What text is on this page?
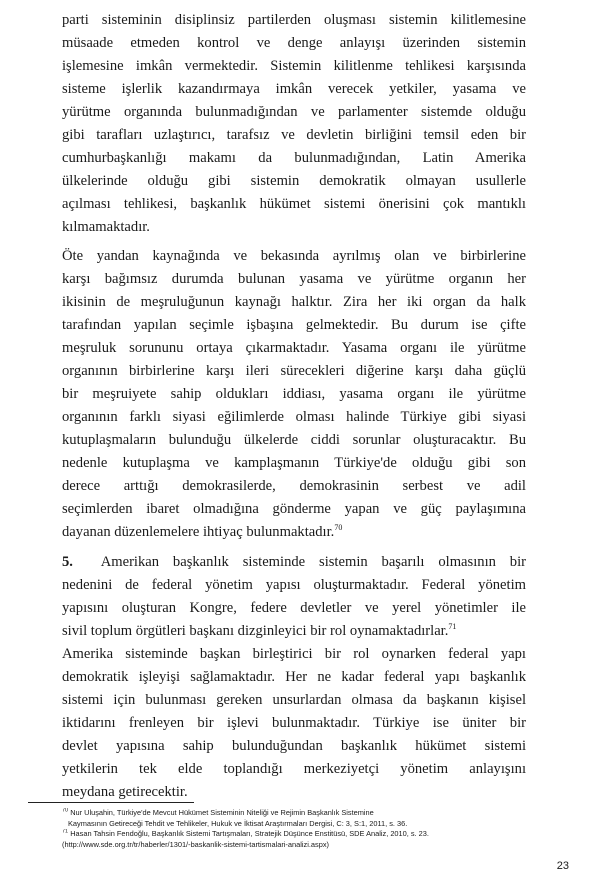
parti sisteminin disiplinsiz partilerden oluşması sistemin kilitlemesine
müsaade etmeden kontrol ve denge anlayışı üzerinden sistemin
işlemesine imkân vermektedir. Sistemin kilitlenme tehlikesi karşısında
sisteme işlerlik kazandırmaya imkân verecek yetkiler, yasama ve
yürütme organında bulunmadığından ve parlamenter sistemde olduğu
gibi tarafları uzlaştırıcı, tarafsız ve devletin birliğini temsil eden bir
cumhurbaşkanlığı makamı da bulunmadığından, Latin Amerika
ülkelerinde olduğu gibi sistemin demokratik olmayan usullerle
açılması tehlikesi, başkanlık hükümet sistemi önerisini çok mantıklı
kılmamaktadır.
Öte yandan kaynağında ve bekasında ayrılmış olan ve birbirlerine
karşı bağımsız durumda bulunan yasama ve yürütme organın her
ikisinin de meşruluğunun kaynağı halktır. Zira her iki organ da halk
tarafından yapılan seçimle işbaşına gelmektedir. Bu durum ise çifte
meşruluk sorununu ortaya çıkarmaktadır. Yasama organı ile yürütme
organının birbirlerine karşı ileri sürecekleri diğerine karşı daha güçlü
bir meşruiyete sahip oldukları iddiası, yasama organı ile yürütme
organının farklı siyasi eğilimlerde olması halinde Türkiye gibi siyasi
kutuplaşmaların bulunduğu ülkelerde ciddi sorunlar oluşturacaktır. Bu
nedenle kutuplaşma ve kamplaşmanın Türkiye'de olduğu gibi son
derece arttığı demokrasilerde, demokrasinin serbest ve adil
seçimlerden ibaret olmadığına gönderme yapan ve güç paylaşımına
dayanan düzenlemelere ihtiyaç bulunmaktadır.$^{70}$
5. Amerikan başkanlık sisteminde sistemin başarılı olmasının bir
nedenini de federal yönetim yapısı oluşturmaktadır. Federal yönetim
yapısını oluşturan Kongre, federe devletler ve yerel yönetimler ile
sivil toplum örgütleri başkanı dizginleyici bir rol oynamaktadırlar.$^{71}$
Amerika sisteminde başkan birleştirici bir rol oynarken federal yapı
demokratik işleyişi sağlamaktadır. Her ne kadar federal yapı başkanlık
sistemi için bulunması gereken unsurlardan olmasa da başkanın kişisel
iktidarını frenleyen bir işlevi bulunmaktadır. Türkiye ise üniter bir
devlet yapısına sahip bulunduğundan başkanlık hükümet sistemi
yetkilerin tek elde toplandığı merkeziyetçi yönetim anlayışını
meydana getirecektir.
$^{70}$ Nur Uluşahin, Türkiye'de Mevcut Hükümet Sisteminin Niteliği ve Rejimin Başkanlık Sistemine
Kaymasının Getireceği Tehdit ve Tehlikeler, Hukuk ve İktisat Araştırmaları Dergisi, C: 3, S:1, 2011, s. 36.
$^{71}$ Hasan Tahsin Fendoğlu, Başkanlık Sistemi Tartışmaları, Stratejik Düşünce Enstitüsü, SDE Analiz, 2010, s. 23.
(http://www.sde.org.tr/tr/haberler/1301/-baskanlik-sistemi-tartismalari-analizi.aspx)
23
